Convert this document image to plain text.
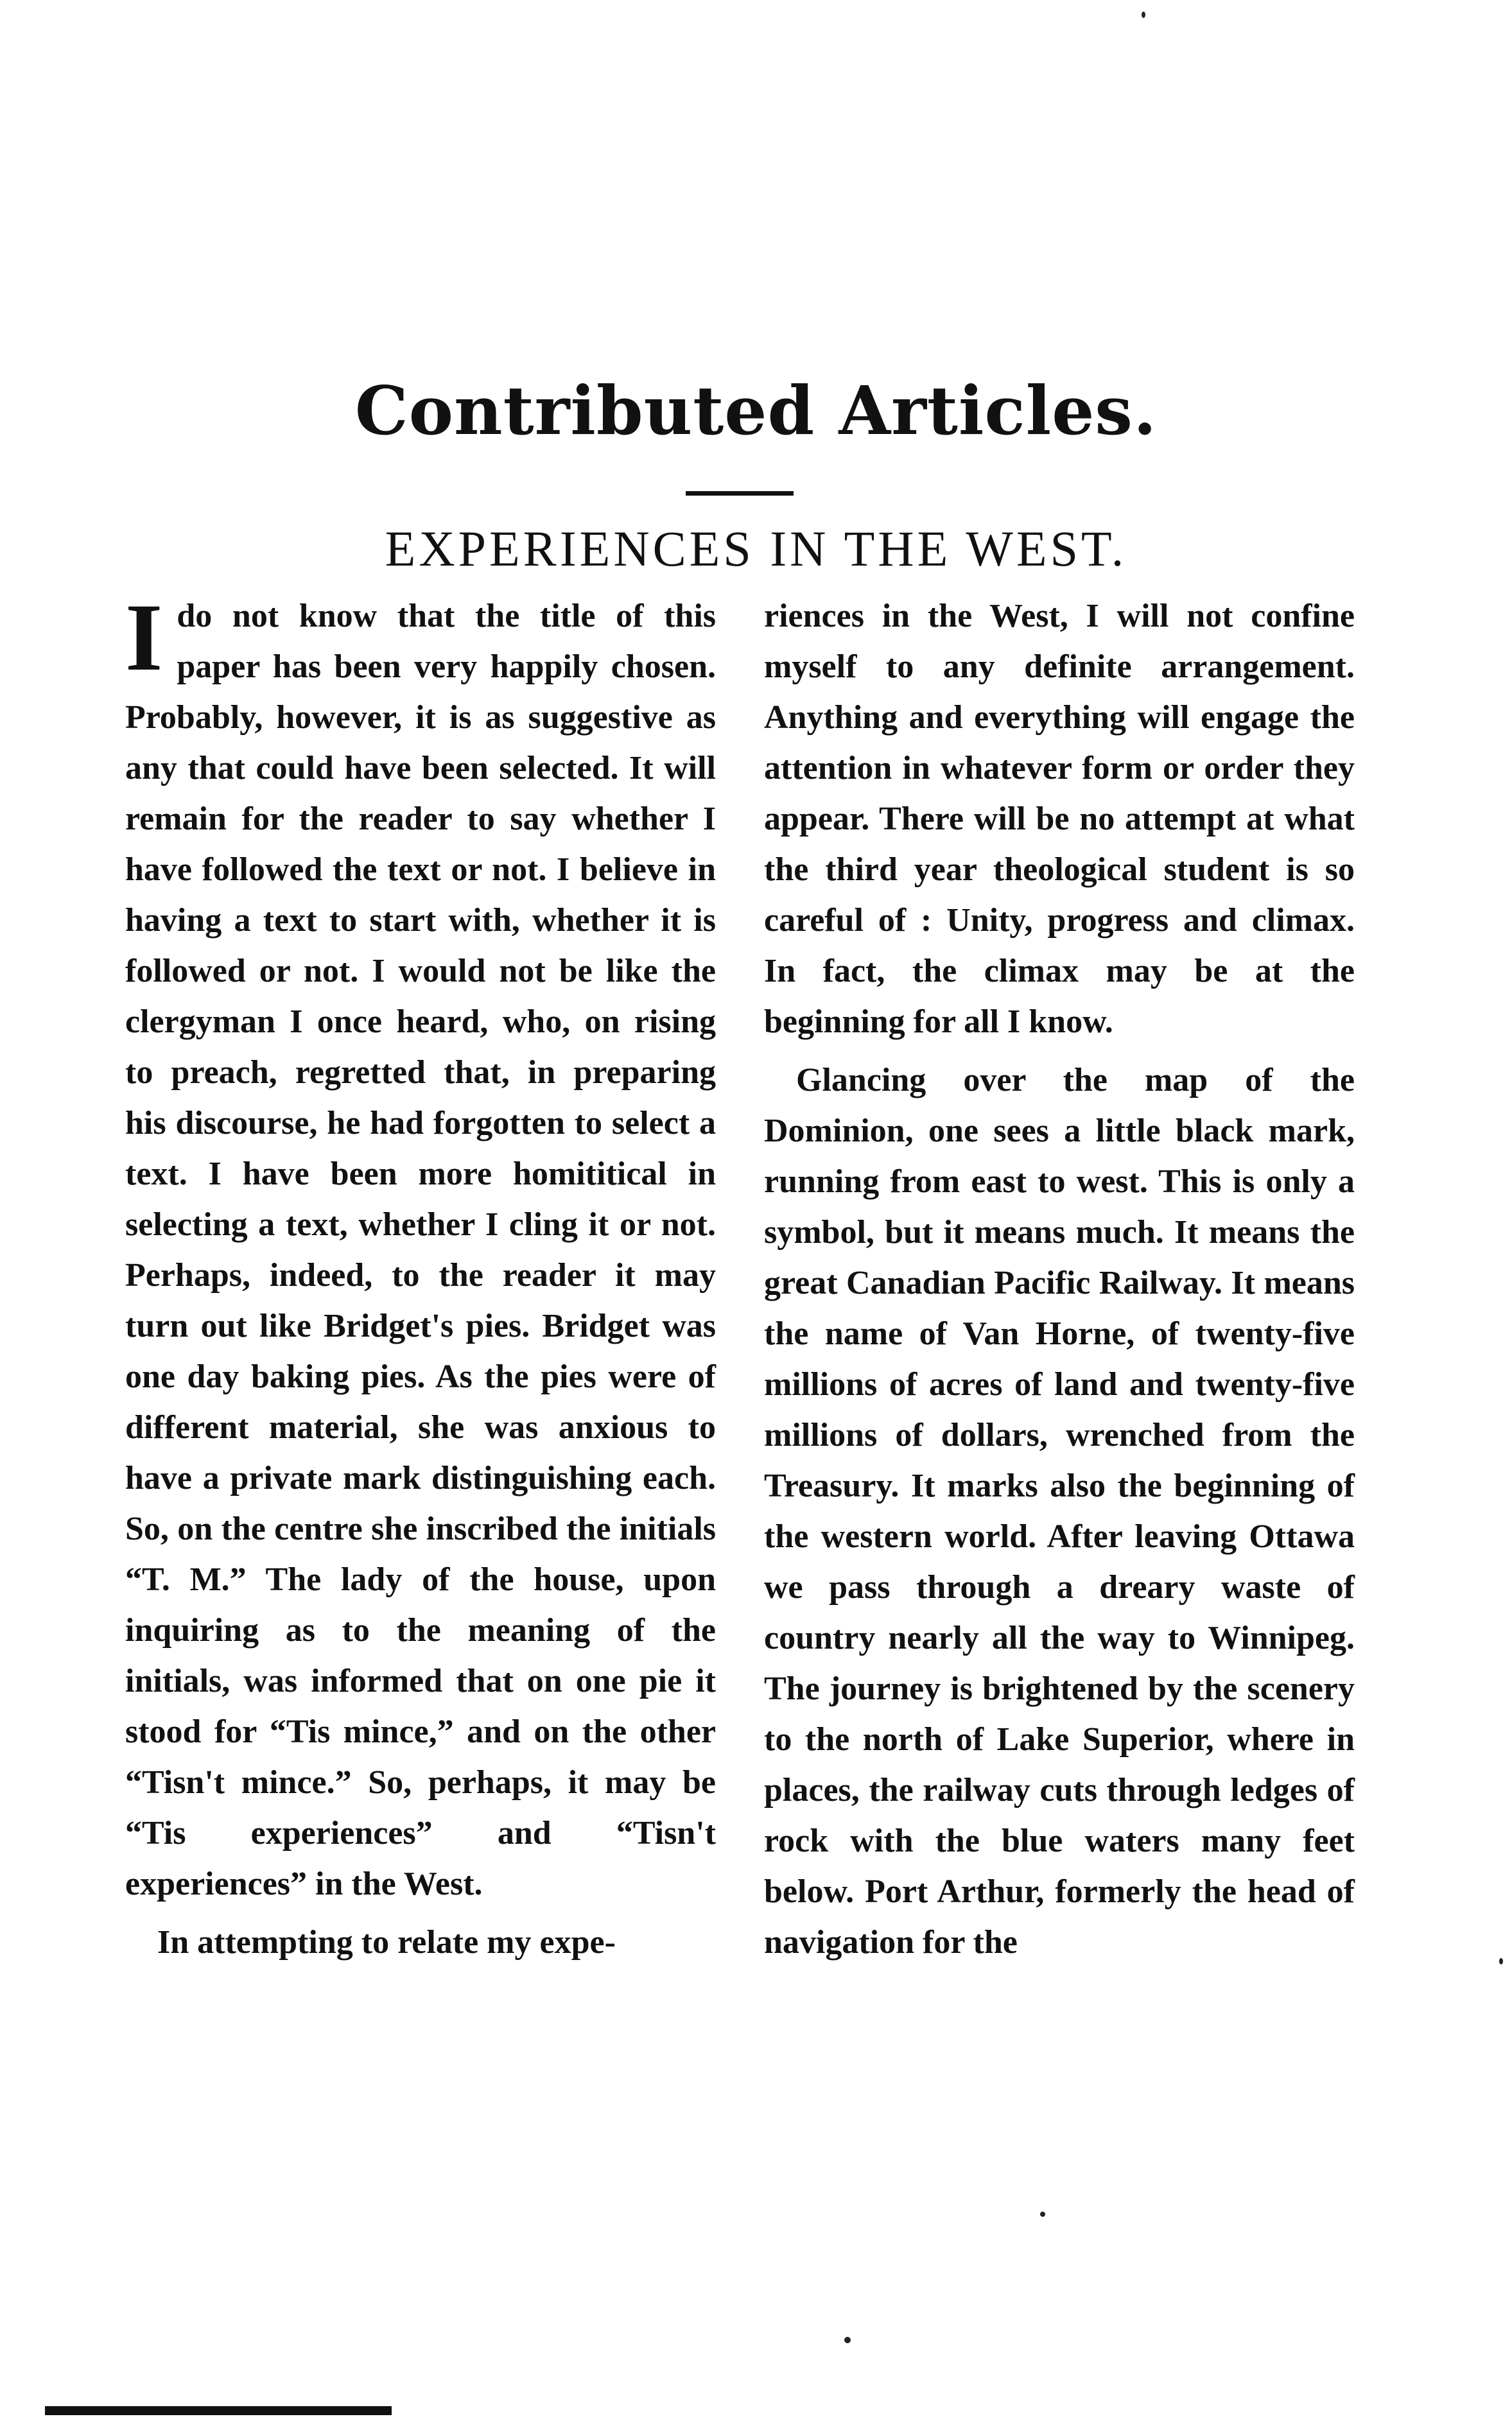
Contributed Articles.
EXPERIENCES IN THE WEST.

Ido not know that the title of this paper has been very happily chosen. Probably, however, it is as suggestive as any that could have been selected. It will remain for the reader to say whether I have followed the text or not. I believe in having a text to start with, whether it is followed or not. I would not be like the clergyman I once heard, who, on rising to preach, regretted that, in preparing his discourse, he had forgotten to select a text. I have been more homititical in selecting a text, whether I cling it or not. Perhaps, indeed, to the reader it may turn out like Bridget's pies. Bridget was one day baking pies. As the pies were of different material, she was anxious to have a private mark distinguishing each. So, on the centre she inscribed the initials “T. M.” The lady of the house, upon inquiring as to the meaning of the initials, was informed that on one pie it stood for “Tis mince,” and on the other “Tisn't mince.” So, perhaps, it may be “Tis experiences” and “Tisn't experiences” in the West.

In attempting to relate my expe-

riences in the West, I will not confine myself to any definite arrangement. Anything and everything will engage the attention in whatever form or order they appear. There will be no attempt at what the third year theological student is so careful of : Unity, progress and climax. In fact, the climax may be at the beginning for all I know.

Glancing over the map of the Dominion, one sees a little black mark, running from east to west. This is only a symbol, but it means much. It means the great Canadian Pacific Railway. It means the name of Van Horne, of twenty-five millions of acres of land and twenty-five millions of dollars, wrenched from the Treasury. It marks also the beginning of the western world. After leaving Ottawa we pass through a dreary waste of country nearly all the way to Winnipeg. The journey is brightened by the scenery to the north of Lake Superior, where in places, the railway cuts through ledges of rock with the blue waters many feet below. Port Arthur, formerly the head of navigation for the
